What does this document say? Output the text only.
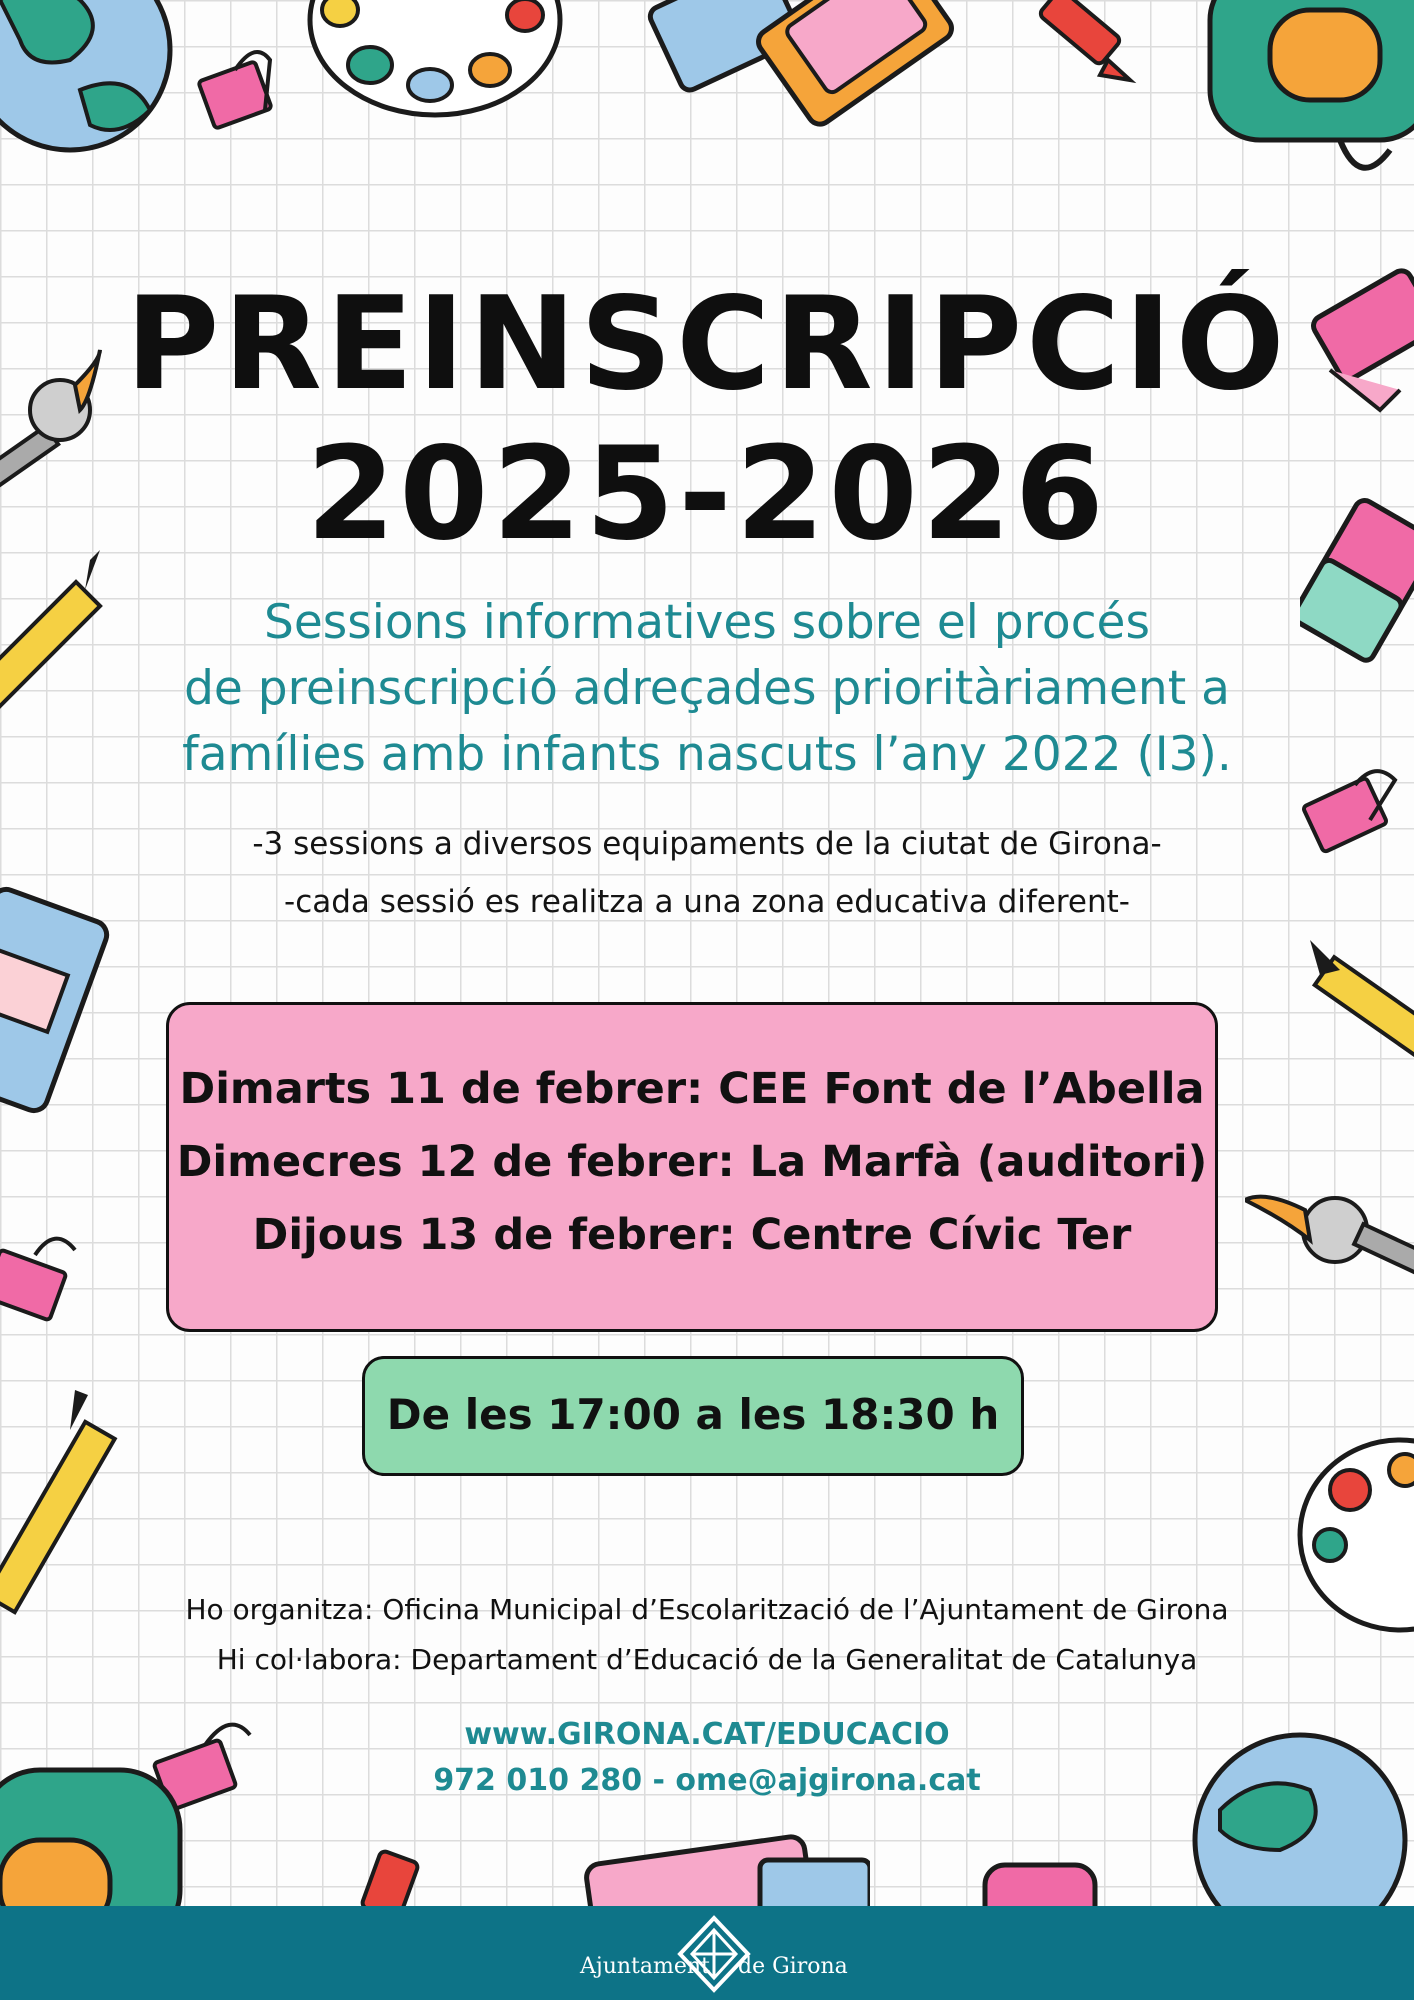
PREINSCRIPCIÓ
2025-2026
Sessions informatives sobre el procés
de preinscripció adreçades prioritàriament a
famílies amb infants nascuts l’any 2022 (I3).
-3 sessions a diversos equipaments de la ciutat de Girona-
-cada sessió es realitza a una zona educativa diferent-
Dimarts 11 de febrer: CEE Font de l’Abella
Dimecres 12 de febrer: La Marfà (auditori)
Dijous 13 de febrer: Centre Cívic Ter
De les 17:00 a les 18:30 h
Ho organitza: Oficina Municipal d’Escolarització de l’Ajuntament de Girona
Hi col·labora: Departament d’Educació de la Generalitat de Catalunya
www.GIRONA.CAT/EDUCACIO
972 010 280 - ome@ajgirona.cat
Ajuntament de Girona
